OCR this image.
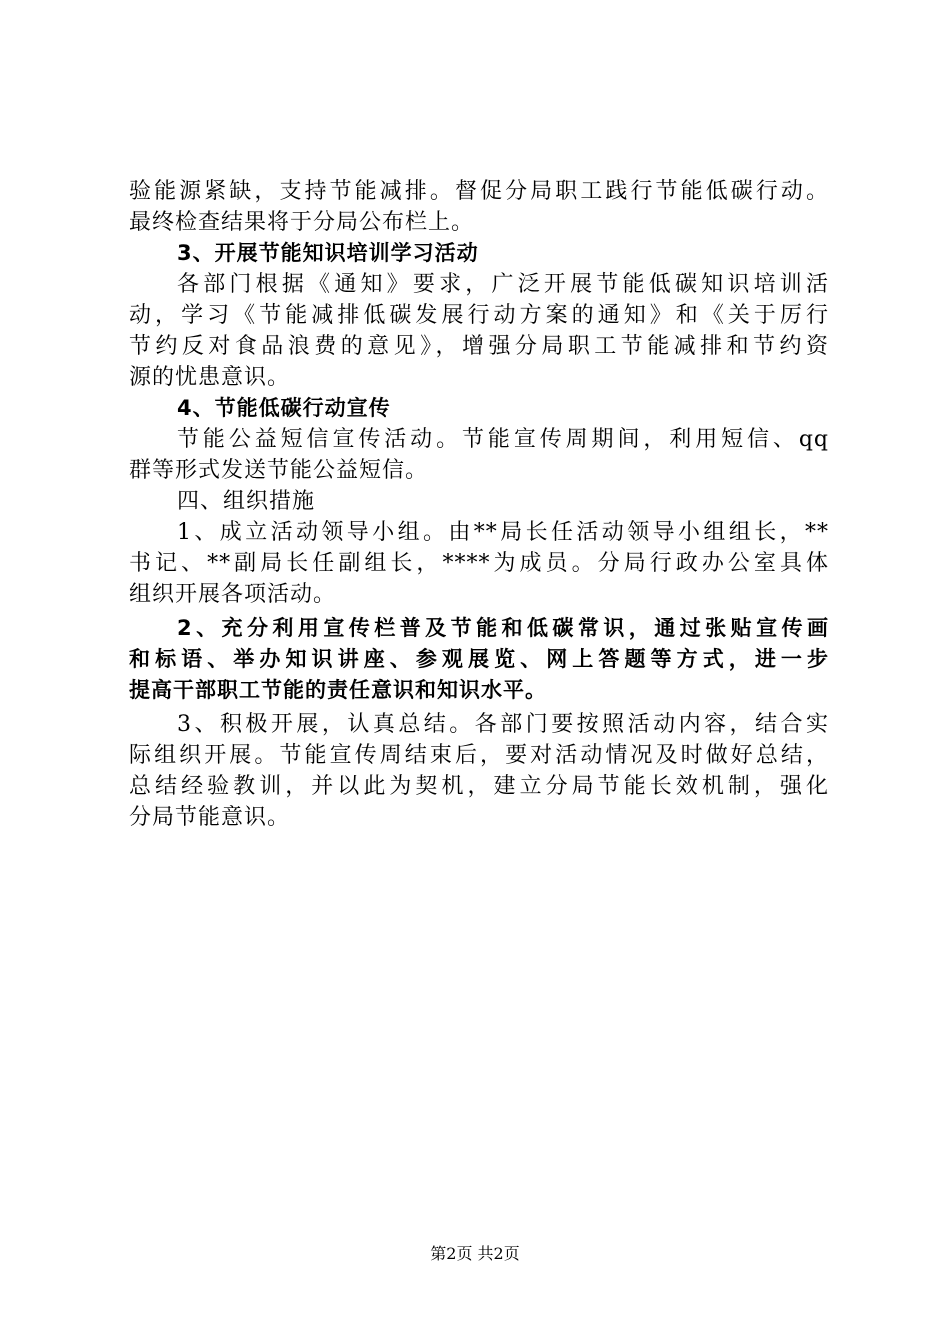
验能源紧缺，支持节能减排。督促分局职工践行节能低碳行动。
最终检查结果将于分局公布栏上。
3、开展节能知识培训学习活动
各部门根据《通知》要求，广泛开展节能低碳知识培训活
动，学习《节能减排低碳发展行动方案的通知》和《关于厉行
节约反对食品浪费的意见》，增强分局职工节能减排和节约资
源的忧患意识。
4、节能低碳行动宣传
节能公益短信宣传活动。节能宣传周期间，利用短信、qq
群等形式发送节能公益短信。
四、组织措施
1、成立活动领导小组。由**局长任活动领导小组组长，**
书记、**副局长任副组长，****为成员。分局行政办公室具体
组织开展各项活动。
2、充分利用宣传栏普及节能和低碳常识，通过张贴宣传画
和标语、举办知识讲座、参观展览、网上答题等方式，进一步
提高干部职工节能的责任意识和知识水平。
3、积极开展，认真总结。各部门要按照活动内容，结合实
际组织开展。节能宣传周结束后，要对活动情况及时做好总结，
总结经验教训，并以此为契机，建立分局节能长效机制，强化
分局节能意识。
第2页 共2页
